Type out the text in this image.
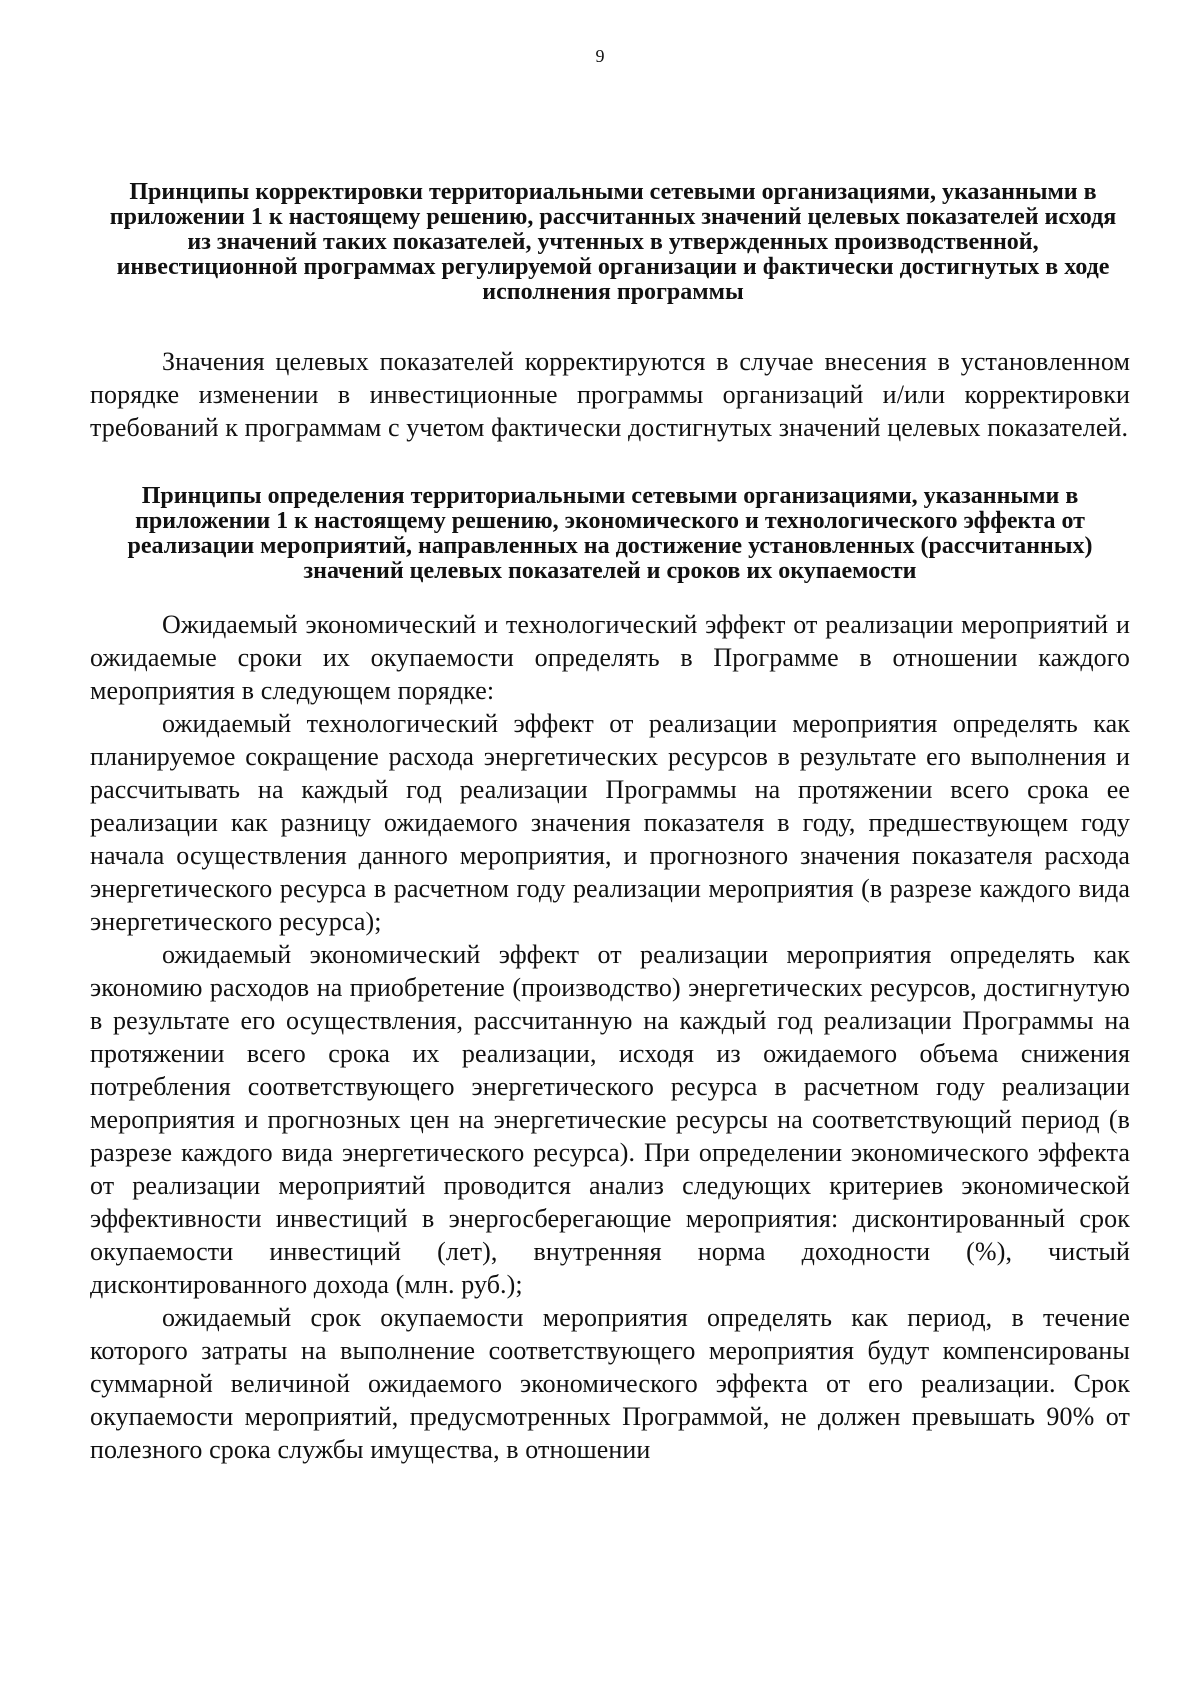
9
Принципы корректировки территориальными сетевыми организациями, указанными в приложении 1 к настоящему решению, рассчитанных значений целевых показателей исходя из значений таких показателей, учтенных в утвержденных производственной, инвестиционной программах регулируемой организации и фактически достигнутых в ходе исполнения программы

Значения целевых показателей корректируются в случае внесения в установленном порядке изменении в инвестиционные программы организаций и/или корректировки требований к программам с учетом фактически достигнутых значений целевых показателей.

Принципы определения территориальными сетевыми организациями, указанными в приложении 1 к настоящему решению, экономического и технологического эффекта от реализации мероприятий, направленных на достижение установленных (рассчитанных) значений целевых показателей и сроков их окупаемости

Ожидаемый экономический и технологический эффект от реализации мероприятий и ожидаемые сроки их окупаемости определять в Программе в отношении каждого мероприятия в следующем порядке:

ожидаемый технологический эффект от реализации мероприятия определять как планируемое сокращение расхода энергетических ресурсов в результате его выполнения и рассчитывать на каждый год реализации Программы на протяжении всего срока ее реализации как разницу ожидаемого значения показателя в году, предшествующем году начала осуществления данного мероприятия, и прогнозного значения показателя расхода энергетического ресурса в расчетном году реализации мероприятия (в разрезе каждого вида энергетического ресурса);

ожидаемый экономический эффект от реализации мероприятия определять как экономию расходов на приобретение (производство) энергетических ресурсов, достигнутую в результате его осуществления, рассчитанную на каждый год реализации Программы на протяжении всего срока их реализации, исходя из ожидаемого объема снижения потребления соответствующего энергетического ресурса в расчетном году реализации мероприятия и прогнозных цен на энергетические ресурсы на соответствующий период (в разрезе каждого вида энергетического ресурса). При определении экономического эффекта от реализации мероприятий проводится анализ следующих критериев экономической эффективности инвестиций в энергосберегающие мероприятия: дисконтированный срок окупаемости инвестиций (лет), внутренняя норма доходности (%), чистый дисконтированного дохода (млн. руб.);

ожидаемый срок окупаемости мероприятия определять как период, в течение которого затраты на выполнение соответствующего мероприятия будут компенсированы суммарной величиной ожидаемого экономического эффекта от его реализации. Срок окупаемости мероприятий, предусмотренных Программой, не должен превышать 90% от полезного срока службы имущества, в отношении
